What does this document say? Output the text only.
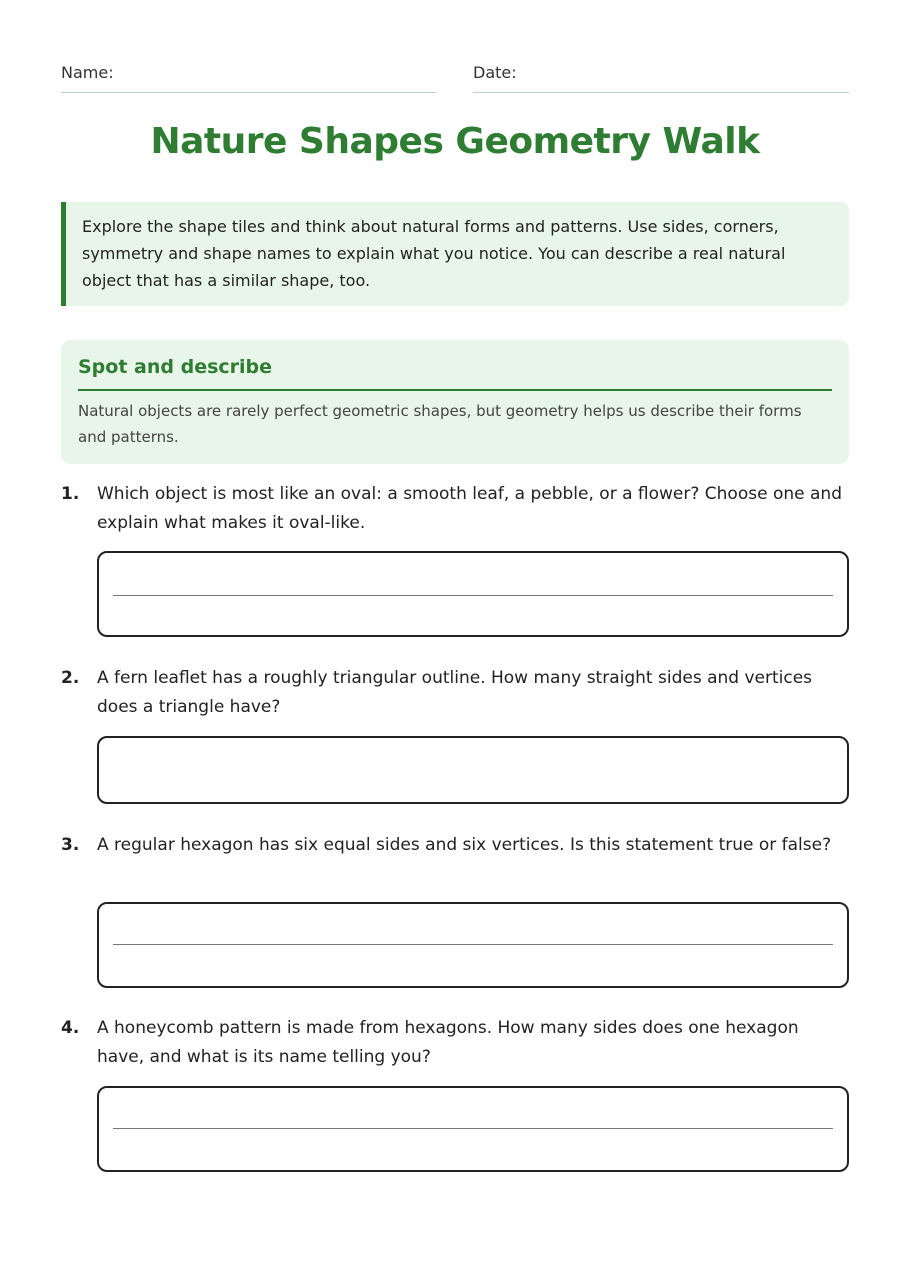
Name:	Date:
Nature Shapes Geometry Walk
Explore the shape tiles and think about natural forms and patterns. Use sides, corners, symmetry and shape names to explain what you notice. You can describe a real natural object that has a similar shape, too.
Spot and describe
Natural objects are rarely perfect geometric shapes, but geometry helps us describe their forms and patterns.
1. Which object is most like an oval: a smooth leaf, a pebble, or a flower? Choose one and explain what makes it oval-like.
2. A fern leaflet has a roughly triangular outline. How many straight sides and vertices does a triangle have?
3. A regular hexagon has six equal sides and six vertices. Is this statement true or false?
4. A honeycomb pattern is made from hexagons. How many sides does one hexagon have, and what is its name telling you?
